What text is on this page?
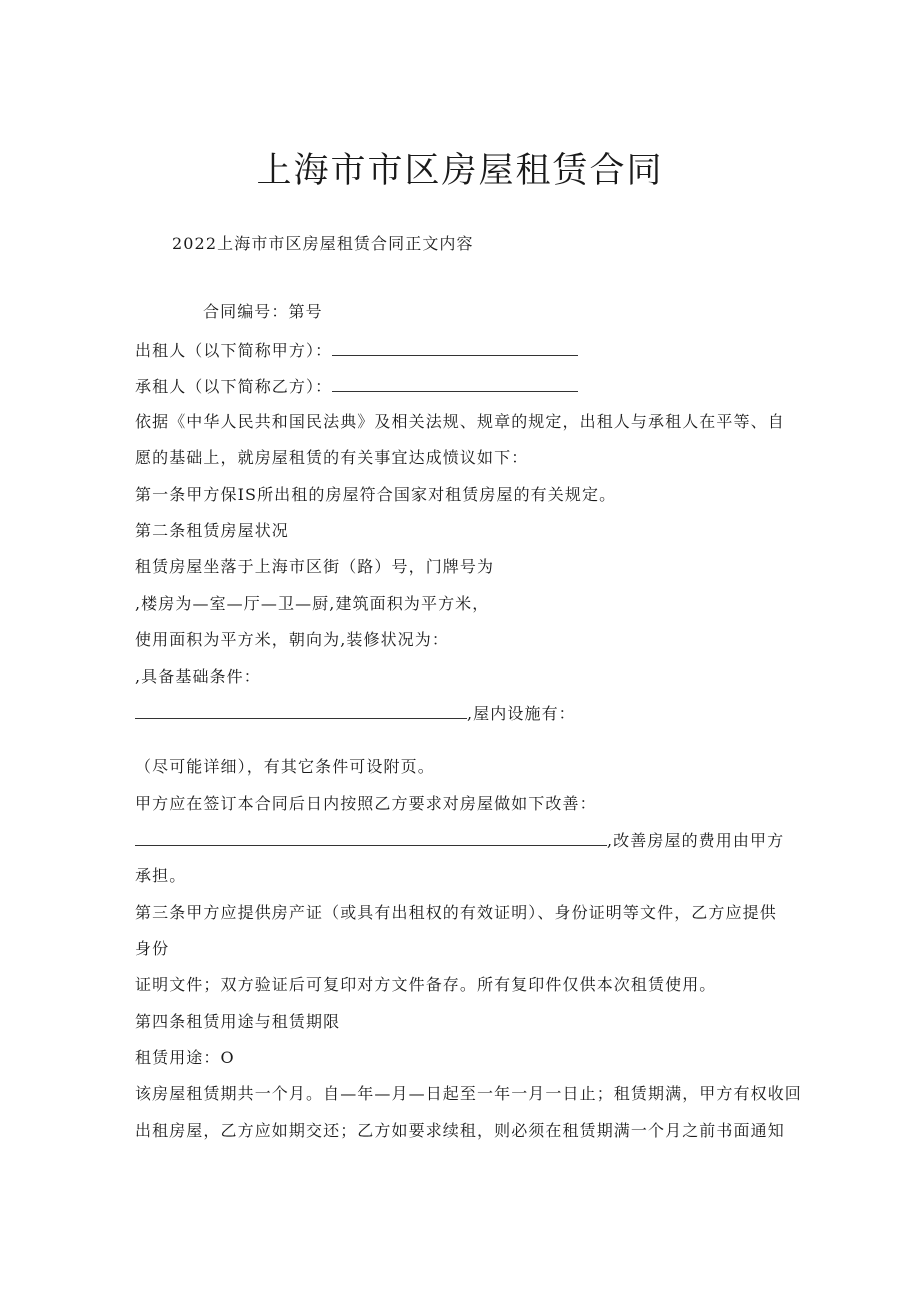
上海市市区房屋租赁合同
2022上海市市区房屋租赁合同正文内容
合同编号：第号
出租人（以下简称甲方）：
承租人（以下简称乙方）：
依据《中华人民共和国民法典》及相关法规、规章的规定，出租人与承租人在平等、自
愿的基础上，就房屋租赁的有关事宜达成愤议如下：
第一条甲方保IS所出租的房屋符合国家对租赁房屋的有关规定。
第二条租赁房屋状况
租赁房屋坐落于上海市区街（路）号，门牌号为
,楼房为—室—厅—卫—厨,建筑面积为平方米，
使用面积为平方米，朝向为,装修状况为：
,具备基础条件：
,屋内设施有：
（尽可能详细），有其它条件可设附页。
甲方应在签订本合同后日内按照乙方要求对房屋做如下改善：
,改善房屋的费用由甲方
承担。
第三条甲方应提供房产证（或具有出租权的有效证明）、身份证明等文件，乙方应提供
身份
证明文件；双方验证后可复印对方文件备存。所有复印件仅供本次租赁使用。
第四条租赁用途与租赁期限
租赁用途：O
该房屋租赁期共一个月。自—年—月—日起至一年一月一日止；租赁期满，甲方有权收回
出租房屋，乙方应如期交还；乙方如要求续租，则必须在租赁期满一个月之前书面通知
